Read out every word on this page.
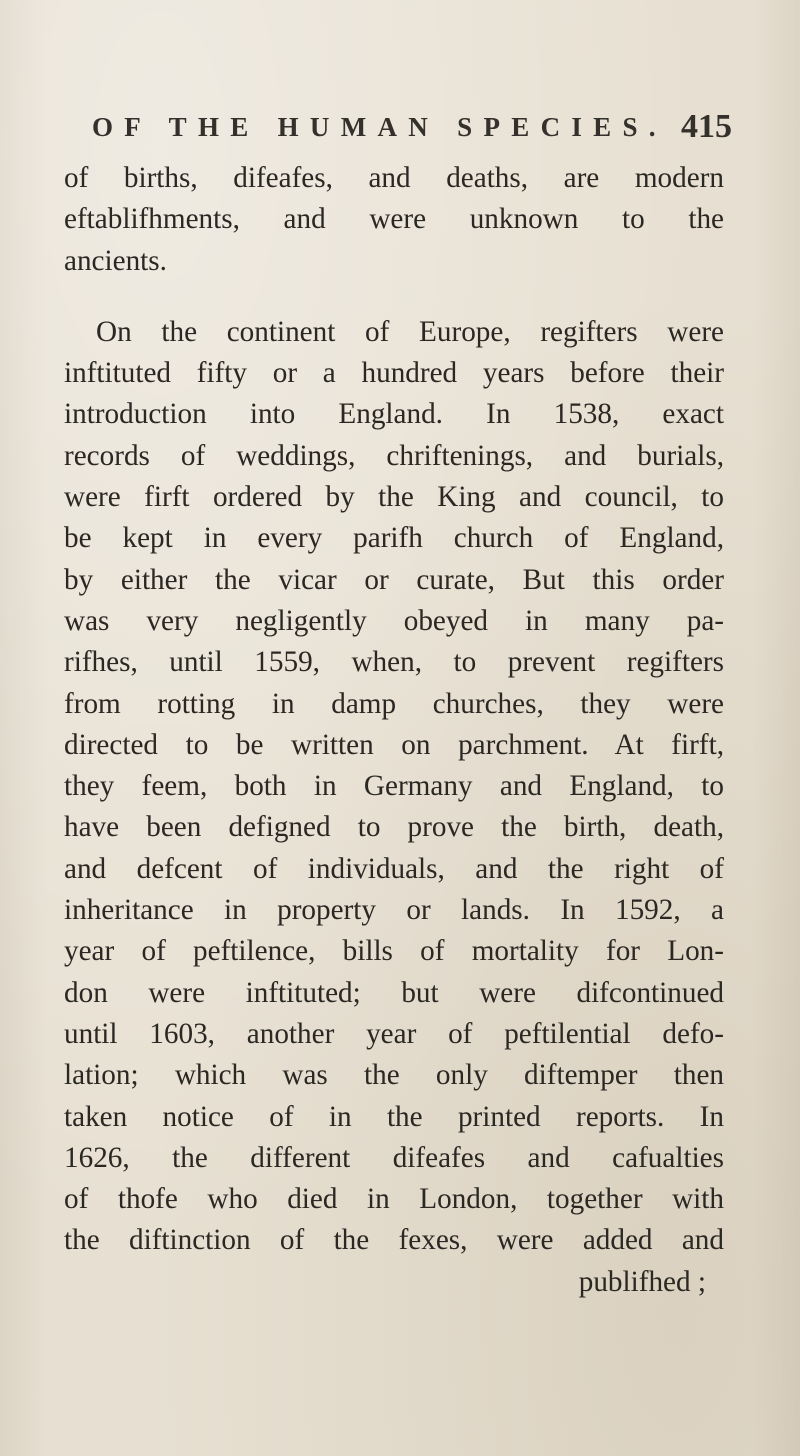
OF THE HUMAN SPECIES. 415
of births, difeafes, and deaths, are modern
eftablifhments, and were unknown to the
ancients.
On the continent of Europe, regifters were
inftituted fifty or a hundred years before their
introduction into England. In 1538, exact
records of weddings, chriftenings, and burials,
were firft ordered by the King and council, to
be kept in every parifh church of England,
by either the vicar or curate, But this order
was very negligently obeyed in many pa-
rifhes, until 1559, when, to prevent regifters
from rotting in damp churches, they were
directed to be written on parchment. At firft,
they feem, both in Germany and England, to
have been defigned to prove the birth, death,
and defcent of individuals, and the right of
inheritance in property or lands. In 1592, a
year of peftilence, bills of mortality for Lon-
don were inftituted; but were difcontinued
until 1603, another year of peftilential defo-
lation; which was the only diftemper then
taken notice of in the printed reports. In
1626, the different difeafes and cafualties
of thofe who died in London, together with
the diftinction of the fexes, were added and
publifhed ;
